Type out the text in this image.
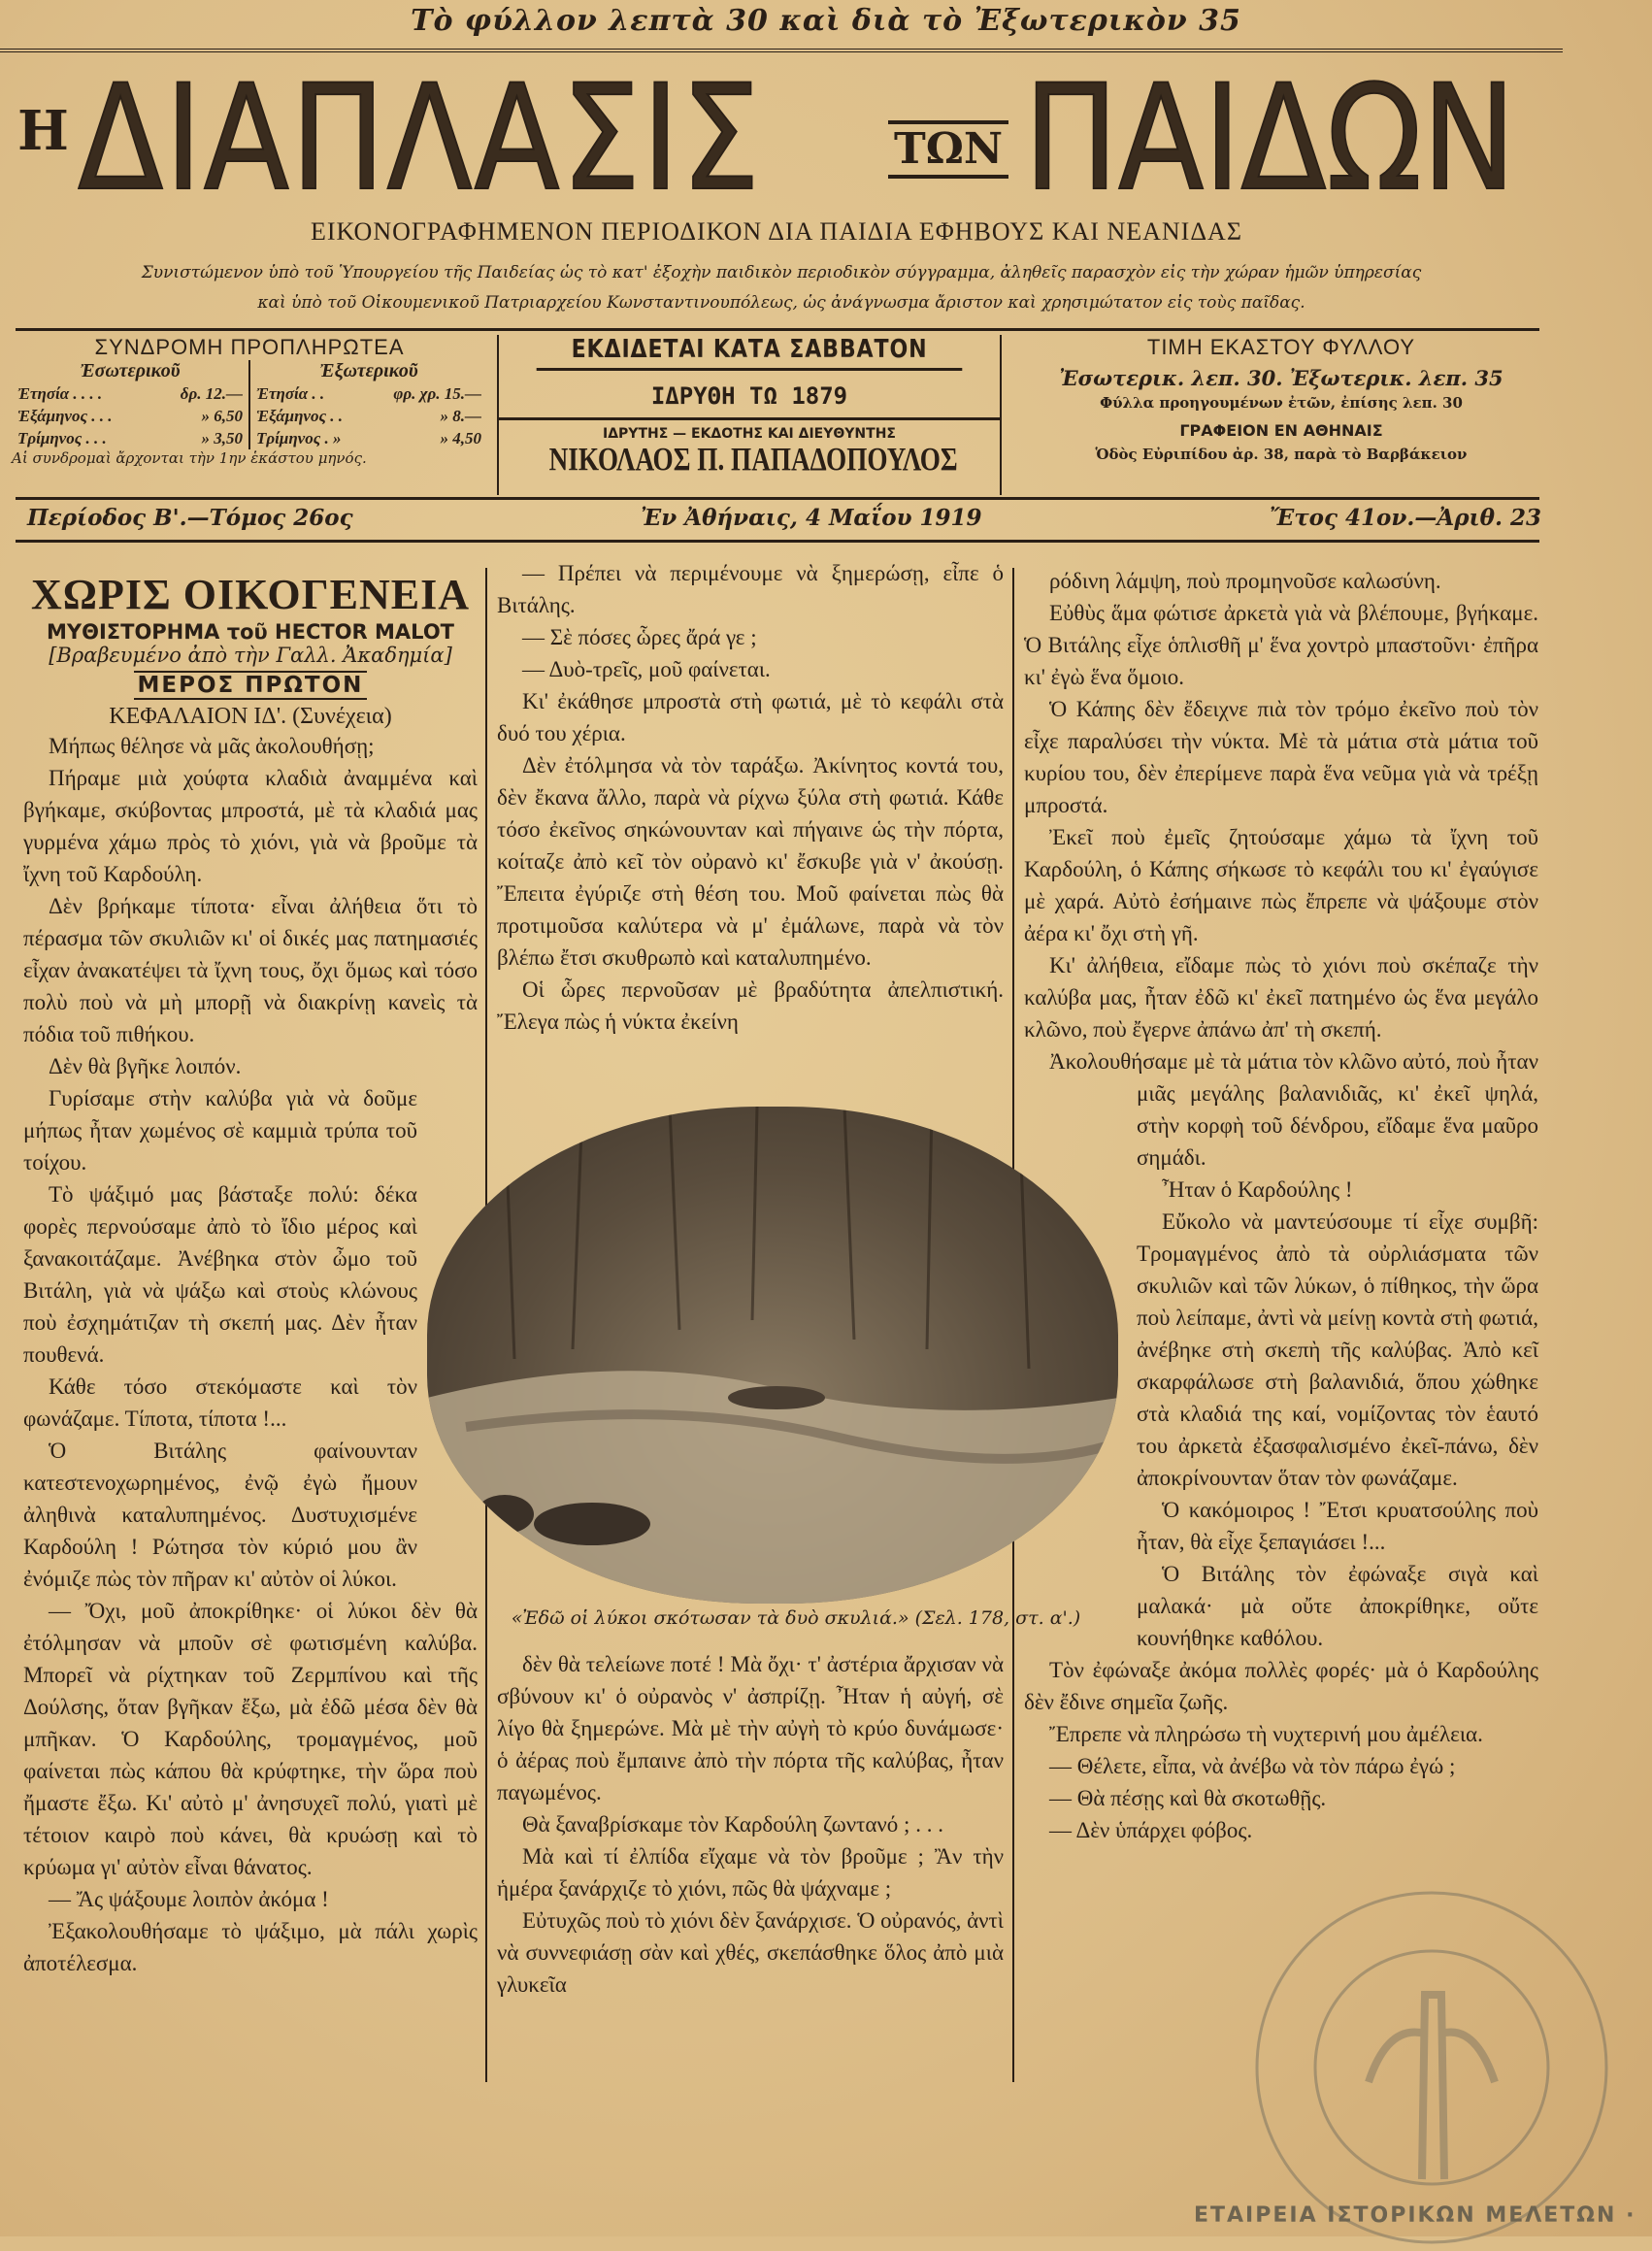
Τὸ φύλλον λεπτὰ 30 καὶ διὰ τὸ Ἐξωτερικὸν 35
Η ΔΙΑΠΛΑΣΙΣ	ΤΩΝ ΠΑΙΔΩΝ
ΕΙΚΟΝΟΓΡΑΦΗΜΕΝΟΝ ΠΕΡΙΟΔΙΚΟΝ ΔΙΑ ΠΑΙΔΙΑ ΕΦΗΒΟΥΣ ΚΑΙ ΝΕΑΝΙΔΑΣ
Συνιστώμενον ὑπὸ τοῦ Ὑπουργείου τῆς Παιδείας ὡς τὸ κατ' ἐξοχὴν παιδικὸν περιοδικὸν σύγγραμμα, ἀληθεῖς παρασχὸν εἰς τὴν χώραν ἡμῶν ὑπηρεσίας
καὶ ὑπὸ τοῦ Οἰκουμενικοῦ Πατριαρχείου Κωνσταντινουπόλεως, ὡς ἀνάγνωσμα ἄριστον καὶ χρησιμώτατον εἰς τοὺς παῖδας.
ΣΥΝΔΡΟΜΗ ΠΡΟΠΛΗΡΩΤΕΑ
Ἐσωτερικοῦ
Ἐτησία . . . .	δρ. 12.—
Ἑξάμηνος . . .	» 6,50
Τρίμηνος . . .	» 3,50
Ἐξωτερικοῦ
Ἐτησία . .	φρ. χρ. 15.—
Ἑξάμηνος . .	» 8.—
Τρίμηνος . »	» 4,50
Αἱ συνδρομαὶ ἄρχονται τὴν 1ην ἑκάστου μηνός.
ΕΚΔΙΔΕΤΑΙ ΚΑΤΑ ΣΑΒΒΑΤΟΝ
ΙΔΡΥΘΗ ΤΩ 1879
ΙΔΡΥΤΗΣ — ΕΚΔΟΤΗΣ ΚΑΙ ΔΙΕΥΘΥΝΤΗΣ
ΝΙΚΟΛΑΟΣ Π. ΠΑΠΑΔΟΠΟΥΛΟΣ
ΤΙΜΗ ΕΚΑΣΤΟΥ ΦΥΛΛΟΥ
Ἐσωτερικ. λεπ. 30. Ἐξωτερικ. λεπ. 35
Φύλλα προηγουμένων ἐτῶν, ἐπίσης λεπ. 30
ΓΡΑΦΕΙΟΝ ΕΝ ΑΘΗΝΑΙΣ
Ὁδὸς Εὐριπίδου ἀρ. 38, παρὰ τὸ Βαρβάκειον
Περίοδος Β'.—Τόμος 26ος	Ἐν Ἀθήναις, 4 Μαΐου 1919	Ἔτος 41ον.—Ἀριθ. 23

ΧΩΡΙΣ ΟΙΚΟΓΕΝΕΙΑ

ΜΥΘΙΣΤΟΡΗΜΑ τοῦ HECTOR MALOT

[Βραβευμένο ἀπὸ τὴν Γαλλ. Ἀκαδημία]

ΜΕΡΟΣ ΠΡΩΤΟΝ

ΚΕΦΑΛΑΙΟΝ ΙΔ'. (Συνέχεια)

Μήπως θέλησε νὰ μᾶς ἀκολουθήσῃ;

Πήραμε μιὰ χούφτα κλαδιὰ ἀναμμένα καὶ βγήκαμε, σκύβοντας μπροστά, μὲ τὰ κλαδιά μας γυρμένα χάμω πρὸς τὸ χιόνι, γιὰ νὰ βροῦμε τὰ ἴχνη τοῦ Καρδούλη.

Δὲν βρήκαμε τίποτα· εἶναι ἀλήθεια ὅτι τὸ πέρασμα τῶν σκυλιῶν κι' οἱ δικές μας πατημασιές εἶχαν ἀνακατέψει τὰ ἴχνη τους, ὄχι ὅμως καὶ τόσο πολὺ ποὺ νὰ μὴ μπορῇ νὰ διακρίνῃ κανεὶς τὰ πόδια τοῦ πιθήκου.

Δὲν θὰ βγῆκε λοιπόν.

Γυρίσαμε στὴν καλύβα γιὰ νὰ δοῦμε μήπως ἦταν χωμένος σὲ καμμιὰ τρύπα τοῦ τοίχου.

Τὸ ψάξιμό μας βάσταξε πολύ: δέκα φορὲς περνούσαμε ἀπὸ τὸ ἴδιο μέρος καὶ ξανακοιτάζαμε. Ἀνέβηκα στὸν ὦμο τοῦ Βιτάλη, γιὰ νὰ ψάξω καὶ στοὺς κλώνους ποὺ ἐσχημάτιζαν τὴ σκεπή μας. Δὲν ἦταν πουθενά.

Κάθε τόσο στεκόμαστε καὶ τὸν φωνάζαμε. Τίποτα, τίποτα !...

Ὁ Βιτάλης φαίνουνταν κατεστενοχωρημένος, ἐνῷ ἐγὼ ἤμουν ἀληθινὰ καταλυπημένος. Δυστυχισμένε Καρδούλη ! Ρώτησα τὸν κύριό μου ἂν ἐνόμιζε πὼς τὸν πῆραν κι' αὐτὸν οἱ λύκοι.

— Ὄχι, μοῦ ἀποκρίθηκε· οἱ λύκοι δὲν θὰ ἐτόλμησαν νὰ μποῦν σὲ φωτισμένη καλύβα. Μπορεῖ νὰ ρίχτηκαν τοῦ Ζερμπίνου καὶ τῆς Δούλσης, ὅταν βγῆκαν ἔξω, μὰ ἐδῶ μέσα δὲν θὰ μπῆκαν. Ὁ Καρδούλης, τρομαγμένος, μοῦ φαίνεται πὼς κάπου θὰ κρύφτηκε, τὴν ὥρα ποὺ ἤμαστε ἔξω. Κι' αὐτὸ μ' ἀνησυχεῖ πολύ, γιατὶ μὲ τέτοιον καιρὸ ποὺ κάνει, θὰ κρυώσῃ καὶ τὸ κρύωμα γι' αὐτὸν εἶναι θάνατος.

— Ἄς ψάξουμε λοιπὸν ἀκόμα !

Ἐξακολουθήσαμε τὸ ψάξιμο, μὰ πάλι χωρὶς ἀποτέλεσμα.

— Πρέπει νὰ περιμένουμε νὰ ξημερώσῃ, εἶπε ὁ Βιτάλης.

— Σὲ πόσες ὧρες ἄρά γε ;

— Δυὸ-τρεῖς, μοῦ φαίνεται.

Κι' ἐκάθησε μπροστὰ στὴ φωτιά, μὲ τὸ κεφάλι στὰ δυό του χέρια.

Δὲν ἐτόλμησα νὰ τὸν ταράξω. Ἀκίνητος κοντά του, δὲν ἔκανα ἄλλο, παρὰ νὰ ρίχνω ξύλα στὴ φωτιά. Κάθε τόσο ἐκεῖνος σηκώνουνταν καὶ πήγαινε ὡς τὴν πόρτα, κοίταζε ἀπὸ κεῖ τὸν οὐρανὸ κι' ἔσκυβε γιὰ ν' ἀκούσῃ. Ἔπειτα ἐγύριζε στὴ θέση του. Μοῦ φαίνεται πὼς θὰ προτιμοῦσα καλύτερα νὰ μ' ἐμάλωνε, παρὰ νὰ τὸν βλέπω ἔτσι σκυθρωπὸ καὶ καταλυπημένο.

Οἱ ὧρες περνοῦσαν μὲ βραδύτητα ἀπελπιστική. Ἔλεγα πὼς ἡ νύκτα ἐκείνη

δὲν θὰ τελείωνε ποτέ ! Μὰ ὄχι· τ' ἀστέρια ἄρχισαν νὰ σβύνουν κι' ὁ οὐρανὸς ν' ἀσπρίζῃ. Ἦταν ἡ αὐγή, σὲ λίγο θὰ ξημερώνε. Μὰ μὲ τὴν αὐγὴ τὸ κρύο δυνάμωσε· ὁ ἀέρας ποὺ ἔμπαινε ἀπὸ τὴν πόρτα τῆς καλύβας, ἦταν παγωμένος.

Θὰ ξαναβρίσκαμε τὸν Καρδούλη ζωντανό ; . . .

Μὰ καὶ τί ἐλπίδα εἴχαμε νὰ τὸν βροῦμε ; Ἂν τὴν ἡμέρα ξανάρχιζε τὸ χιόνι, πῶς θὰ ψάχναμε ;

Εὐτυχῶς ποὺ τὸ χιόνι δὲν ξανάρχισε. Ὁ οὐρανός, ἀντὶ νὰ συννεφιάσῃ σὰν καὶ χθές, σκεπάσθηκε ὅλος ἀπὸ μιὰ γλυκεῖα

ρόδινη λάμψη, ποὺ προμηνοῦσε καλωσύνη.

Εὐθὺς ἅμα φώτισε ἀρκετὰ γιὰ νὰ βλέπουμε, βγήκαμε. Ὁ Βιτάλης εἶχε ὁπλισθῆ μ' ἕνα χοντρὸ μπαστοῦνι· ἐπῆρα κι' ἐγὼ ἕνα ὅμοιο.

Ὁ Κάπης δὲν ἔδειχνε πιὰ τὸν τρόμο ἐκεῖνο ποὺ τὸν εἶχε παραλύσει τὴν νύκτα. Μὲ τὰ μάτια στὰ μάτια τοῦ κυρίου του, δὲν ἐπερίμενε παρὰ ἕνα νεῦμα γιὰ νὰ τρέξῃ μπροστά.

Ἐκεῖ ποὺ ἐμεῖς ζητούσαμε χάμω τὰ ἴχνη τοῦ Καρδούλη, ὁ Κάπης σήκωσε τὸ κεφάλι του κι' ἐγαύγισε μὲ χαρά. Αὐτὸ ἐσήμαινε πὼς ἔπρεπε νὰ ψάξουμε στὸν ἀέρα κι' ὄχι στὴ γῆ.

Κι' ἀλήθεια, εἴδαμε πὼς τὸ χιόνι ποὺ σκέπαζε τὴν καλύβα μας, ἦταν ἐδῶ κι' ἐκεῖ πατημένο ὡς ἕνα μεγάλο κλῶνο, ποὺ ἔγερνε ἀπάνω ἀπ' τὴ σκεπή.

Ἀκολουθήσαμε μὲ τὰ μάτια τὸν κλῶνο αὐτό, ποὺ ἦταν μιᾶς μεγάλης βαλανιδιᾶς, κι' ἐκεῖ ψηλά, στὴν κορφὴ τοῦ δένδρου, εἴδαμε ἕνα μαῦρο σημάδι.

Ἦταν ὁ Καρδούλης !

Εὔκολο νὰ μαντεύσουμε τί εἶχε συμβῆ: Τρομαγμένος ἀπὸ τὰ οὐρλιάσματα τῶν σκυλιῶν καὶ τῶν λύκων, ὁ πίθηκος, τὴν ὥρα ποὺ λείπαμε, ἀντὶ νὰ μείνῃ κοντὰ στὴ φωτιά, ἀνέβηκε στὴ σκεπὴ τῆς καλύβας. Ἀπὸ κεῖ σκαρφάλωσε στὴ βαλανιδιά, ὅπου χώθηκε στὰ κλαδιά της καί, νομίζοντας τὸν ἑαυτό του ἀρκετὰ ἐξασφαλισμένο ἐκεῖ-πάνω, δὲν ἀποκρίνουνταν ὅταν τὸν φωνάζαμε.

Ὁ κακόμοιρος ! Ἔτσι κρυατσούλης ποὺ ἦταν, θὰ εἶχε ξεπαγιάσει !...

Ὁ Βιτάλης τὸν ἐφώναξε σιγὰ καὶ μαλακά· μὰ οὔτε ἀποκρίθηκε, οὔτε κουνήθηκε καθόλου.

Τὸν ἐφώναξε ἀκόμα πολλὲς φορές· μὰ ὁ Καρδούλης δὲν ἔδινε σημεῖα ζωῆς.

Ἔπρεπε νὰ πληρώσω τὴ νυχτερινή μου ἀμέλεια.

— Θέλετε, εἶπα, νὰ ἀνέβω νὰ τὸν πάρω ἐγώ ;

— Θὰ πέσῃς καὶ θὰ σκοτωθῇς.

— Δὲν ὑπάρχει φόβος.

«Ἐδῶ οἱ λύκοι σκότωσαν τὰ δυὸ σκυλιά.» (Σελ. 178, στ. α'.)
ΕΤΑΙΡΕΙΑ ΙΣΤΟΡΙΚΩΝ ΜΕΛΕΤΩΝ ·
